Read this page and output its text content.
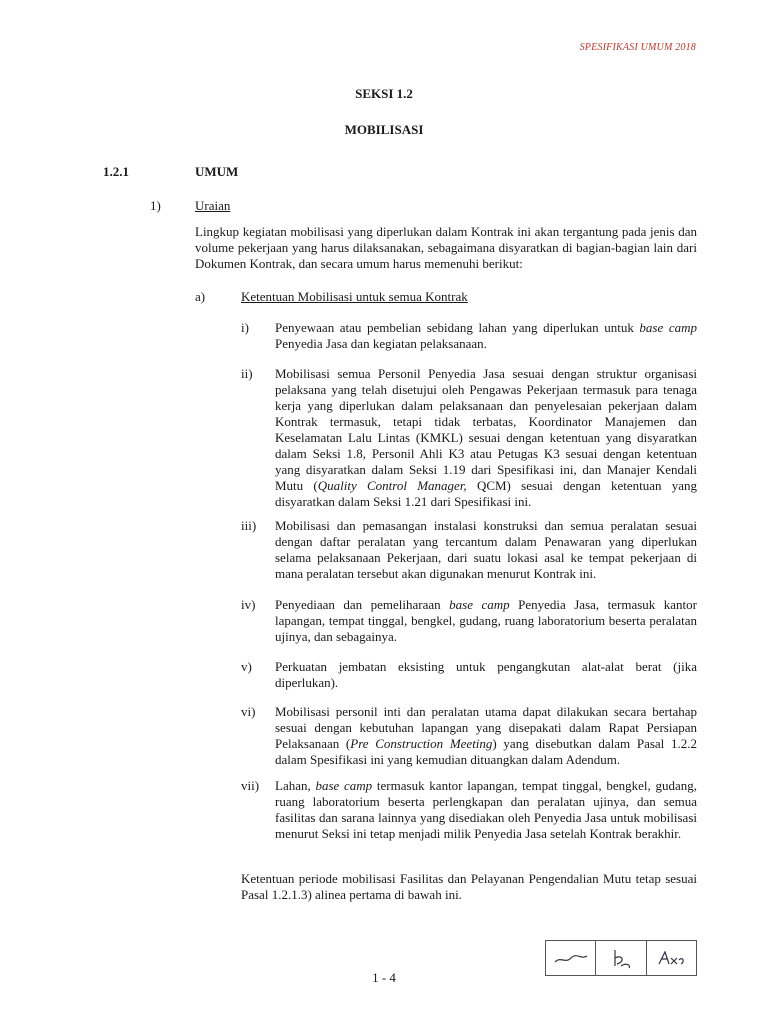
SPESIFIKASI UMUM 2018
SEKSI 1.2
MOBILISASI
1.2.1	UMUM
1)	Uraian
Lingkup kegiatan mobilisasi yang diperlukan dalam Kontrak ini akan tergantung pada jenis dan volume pekerjaan yang harus dilaksanakan, sebagaimana disyaratkan di bagian-bagian lain dari Dokumen Kontrak, dan secara umum harus memenuhi berikut:
a)	Ketentuan Mobilisasi untuk semua Kontrak
i) Penyewaan atau pembelian sebidang lahan yang diperlukan untuk base camp Penyedia Jasa dan kegiatan pelaksanaan.
ii) Mobilisasi semua Personil Penyedia Jasa sesuai dengan struktur organisasi pelaksana yang telah disetujui oleh Pengawas Pekerjaan termasuk para tenaga kerja yang diperlukan dalam pelaksanaan dan penyelesaian pekerjaan dalam Kontrak termasuk, tetapi tidak terbatas, Koordinator Manajemen dan Keselamatan Lalu Lintas (KMKL) sesuai dengan ketentuan yang disyaratkan dalam Seksi 1.8, Personil Ahli K3 atau Petugas K3 sesuai dengan ketentuan yang disyaratkan dalam Seksi 1.19 dari Spesifikasi ini, dan Manajer Kendali Mutu (Quality Control Manager, QCM) sesuai dengan ketentuan yang disyaratkan dalam Seksi 1.21 dari Spesifikasi ini.
iii) Mobilisasi dan pemasangan instalasi konstruksi dan semua peralatan sesuai dengan daftar peralatan yang tercantum dalam Penawaran yang diperlukan selama pelaksanaan Pekerjaan, dari suatu lokasi asal ke tempat pekerjaan di mana peralatan tersebut akan digunakan menurut Kontrak ini.
iv) Penyediaan dan pemeliharaan base camp Penyedia Jasa, termasuk kantor lapangan, tempat tinggal, bengkel, gudang, ruang laboratorium beserta peralatan ujinya, dan sebagainya.
v) Perkuatan jembatan eksisting untuk pengangkutan alat-alat berat (jika diperlukan).
vi) Mobilisasi personil inti dan peralatan utama dapat dilakukan secara bertahap sesuai dengan kebutuhan lapangan yang disepakati dalam Rapat Persiapan Pelaksanaan (Pre Construction Meeting) yang disebutkan dalam Pasal 1.2.2 dalam Spesifikasi ini yang kemudian dituangkan dalam Adendum.
vii) Lahan, base camp termasuk kantor lapangan, tempat tinggal, bengkel, gudang, ruang laboratorium beserta perlengkapan dan peralatan ujinya, dan semua fasilitas dan sarana lainnya yang disediakan oleh Penyedia Jasa untuk mobilisasi menurut Seksi ini tetap menjadi milik Penyedia Jasa setelah Kontrak berakhir.
Ketentuan periode mobilisasi Fasilitas dan Pelayanan Pengendalian Mutu tetap sesuai Pasal 1.2.1.3) alinea pertama di bawah ini.
1 - 4
